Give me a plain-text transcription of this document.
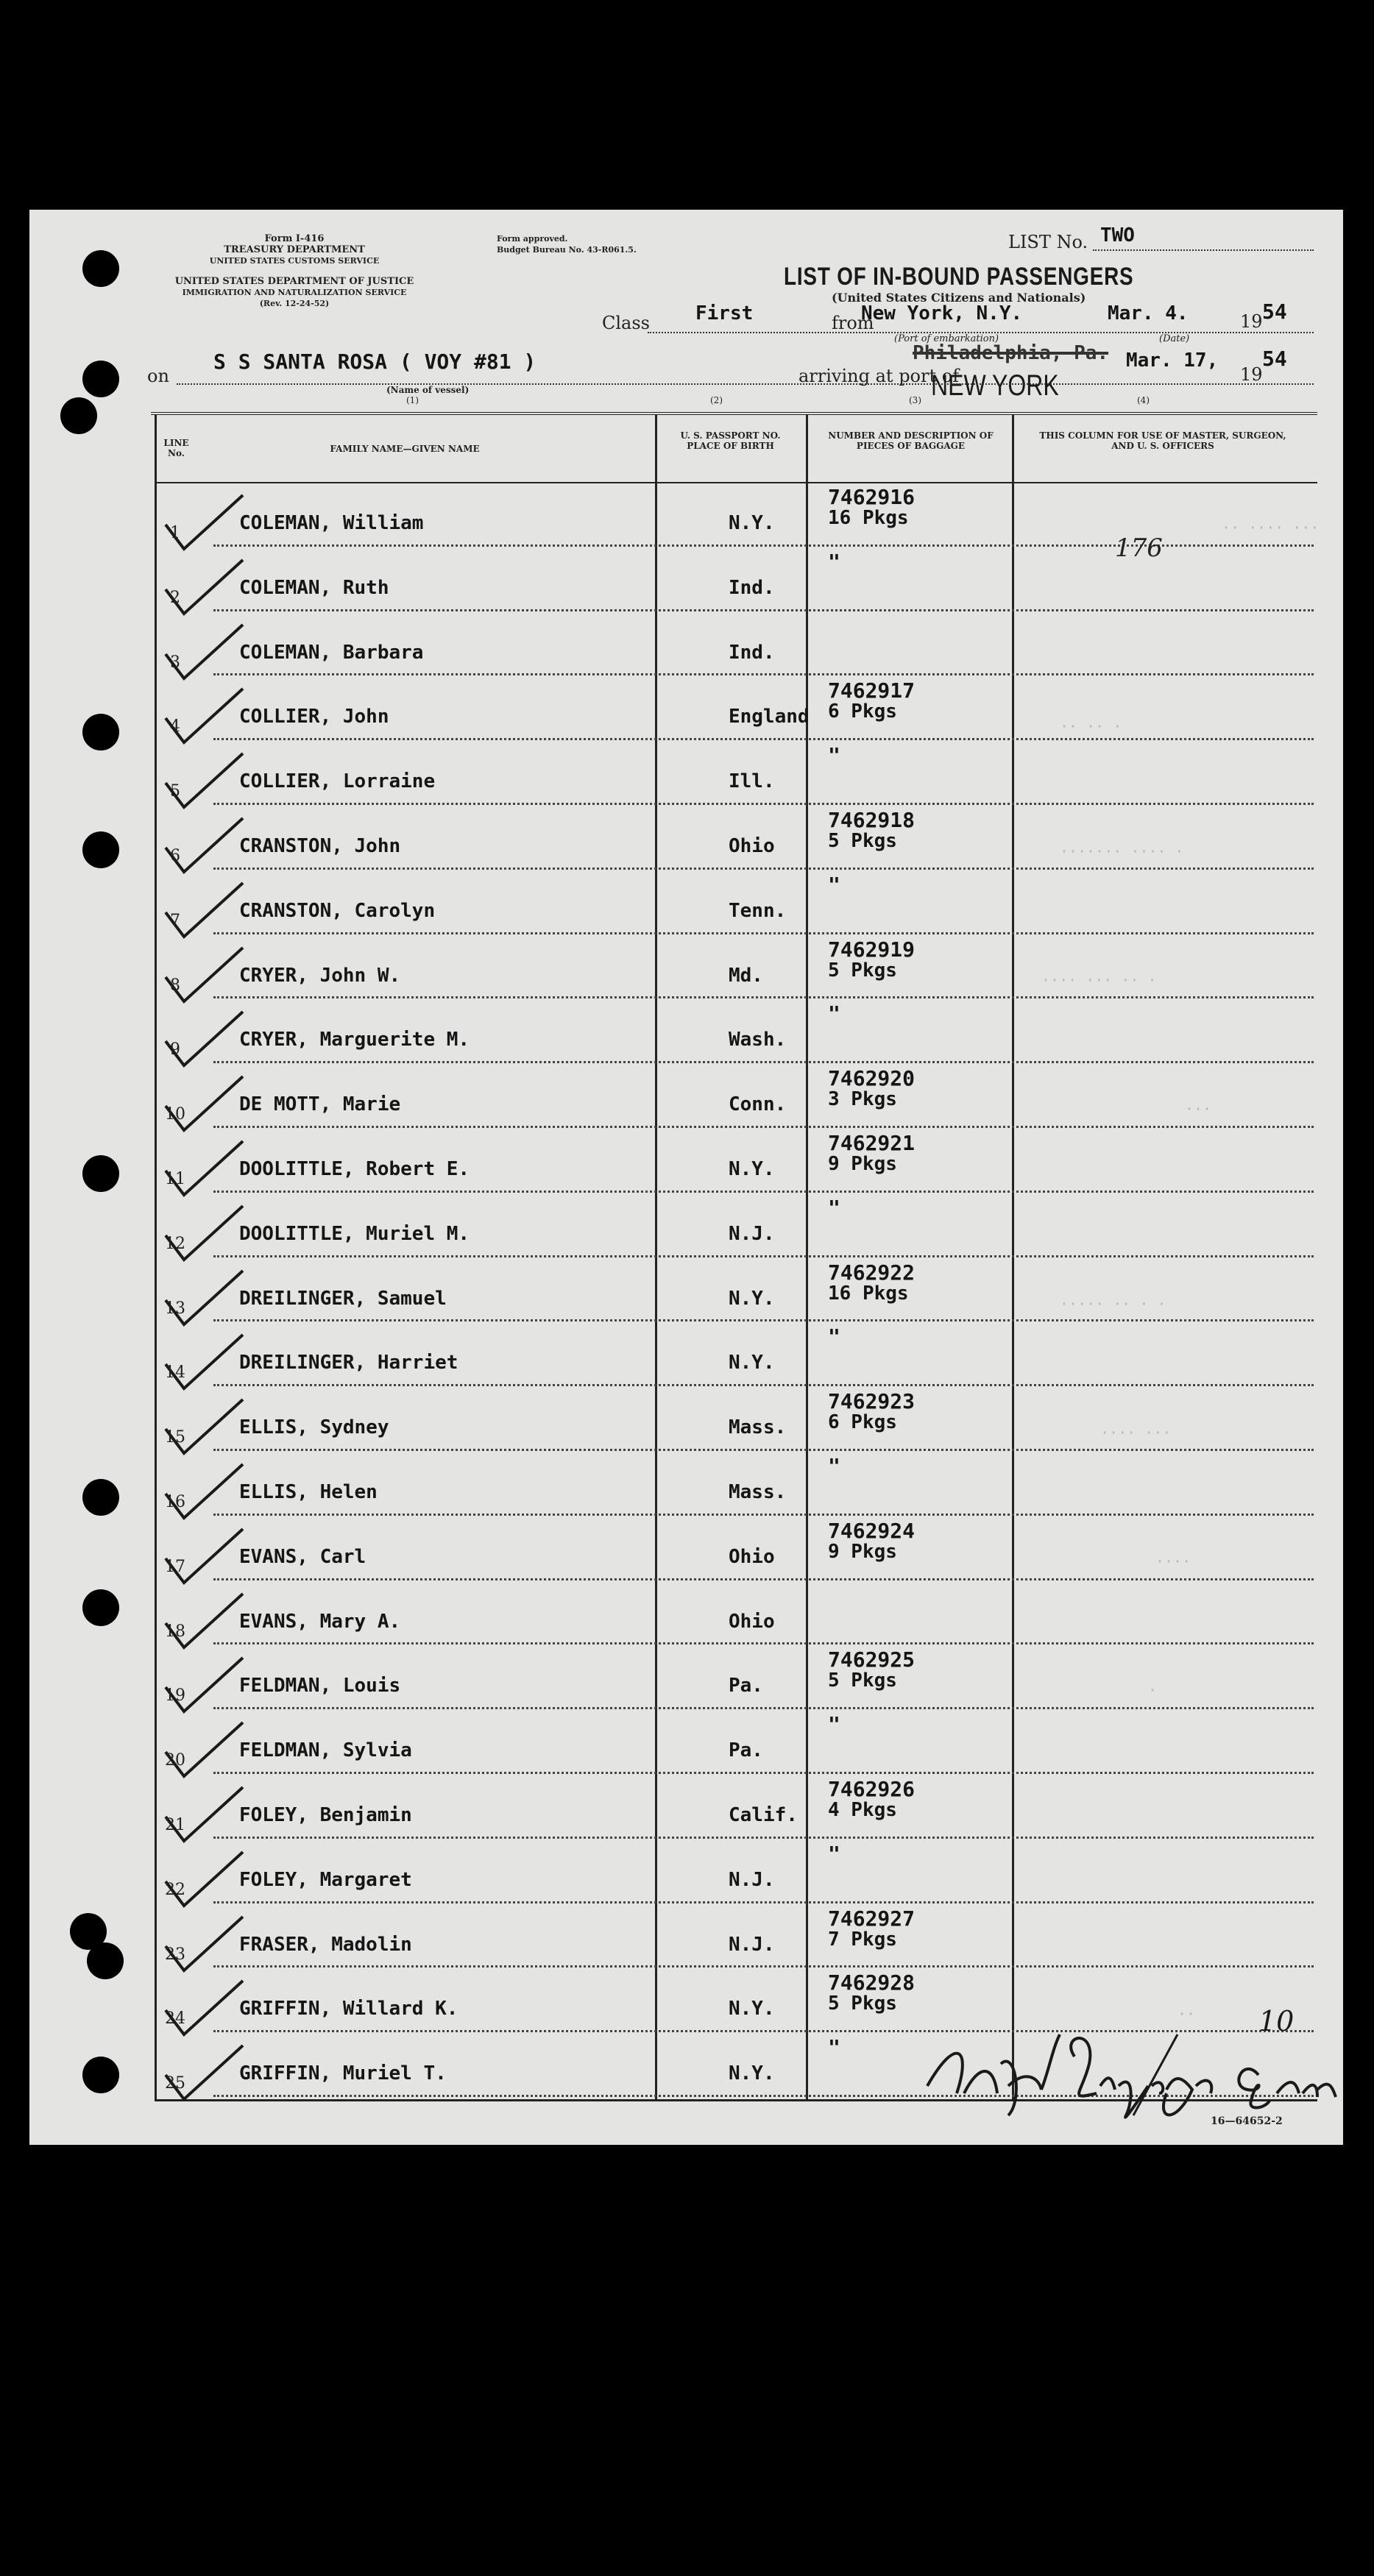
Form I-416
TREASURY DEPARTMENT
UNITED STATES CUSTOMS SERVICE
UNITED STATES DEPARTMENT OF JUSTICE
IMMIGRATION AND NATURALIZATION SERVICE
(Rev. 12-24-52)
Form approved.
Budget Bureau No. 43-R061.5.	LIST No. TWO
LIST OF IN-BOUND PASSENGERS
(United States Citizens and Nationals)
Class First	from
New York, N.Y.	Mar. 4.	19 54
(Port of embarkation)	(Date)
on
S S SANTA ROSA ( VOY #81 )
arriving at port of
Philadelphia, Pa. Mar. 17,
19
54
NEW YORK
(Name of vessel)
(1)	(2)	(3)	(4)
LINE No.	FAMILY NAME—GIVEN NAME
U. S. PASSPORT NO. PLACE OF BIRTH
NUMBER AND DESCRIPTION OF PIECES OF BAGGAGE
THIS COLUMN FOR USE OF MASTER, SURGEON, AND U. S. OFFICERS
1	COLEMAN, William	N.Y.
7462916
16 Pkgs
2	COLEMAN, Ruth	Ind.
"
3	COLEMAN, Barbara	Ind.
4	COLLIER, John	England
7462917
6 Pkgs
5	COLLIER, Lorraine	Ill.
"
6	CRANSTON, John	Ohio
7462918
5 Pkgs
7	CRANSTON, Carolyn	Tenn.
"
8	CRYER, John W.	Md.
7462919
5 Pkgs
9	CRYER, Marguerite M.	Wash.
"
10	DE MOTT, Marie	Conn.
7462920
3 Pkgs
11	DOOLITTLE, Robert E.	N.Y.
7462921
9 Pkgs
12	DOOLITTLE, Muriel M.	N.J.
"
13	DREILINGER, Samuel	N.Y.
7462922
16 Pkgs
14	DREILINGER, Harriet	N.Y.
"
15	ELLIS, Sydney	Mass.
7462923
6 Pkgs
16	ELLIS, Helen	Mass.
"
17	EVANS, Carl	Ohio
7462924
9 Pkgs
18	EVANS, Mary A.	Ohio
19	FELDMAN, Louis	Pa.
7462925
5 Pkgs
20	FELDMAN, Sylvia	Pa.
"
21	FOLEY, Benjamin	Calif.
7462926
4 Pkgs
22	FOLEY, Margaret	N.J.
"
23	FRASER, Madolin	N.J.
7462927
7 Pkgs
24	GRIFFIN, Willard K.	N.Y.
7462928
5 Pkgs
25	GRIFFIN, Muriel T.	N.Y.
"
176
·· ···· ···
·· ·· ·
······· ···· ·
···· ··· ·· ·
···
····· ·· · ·
···· ···
····
·
·· 10
16—64652-2
